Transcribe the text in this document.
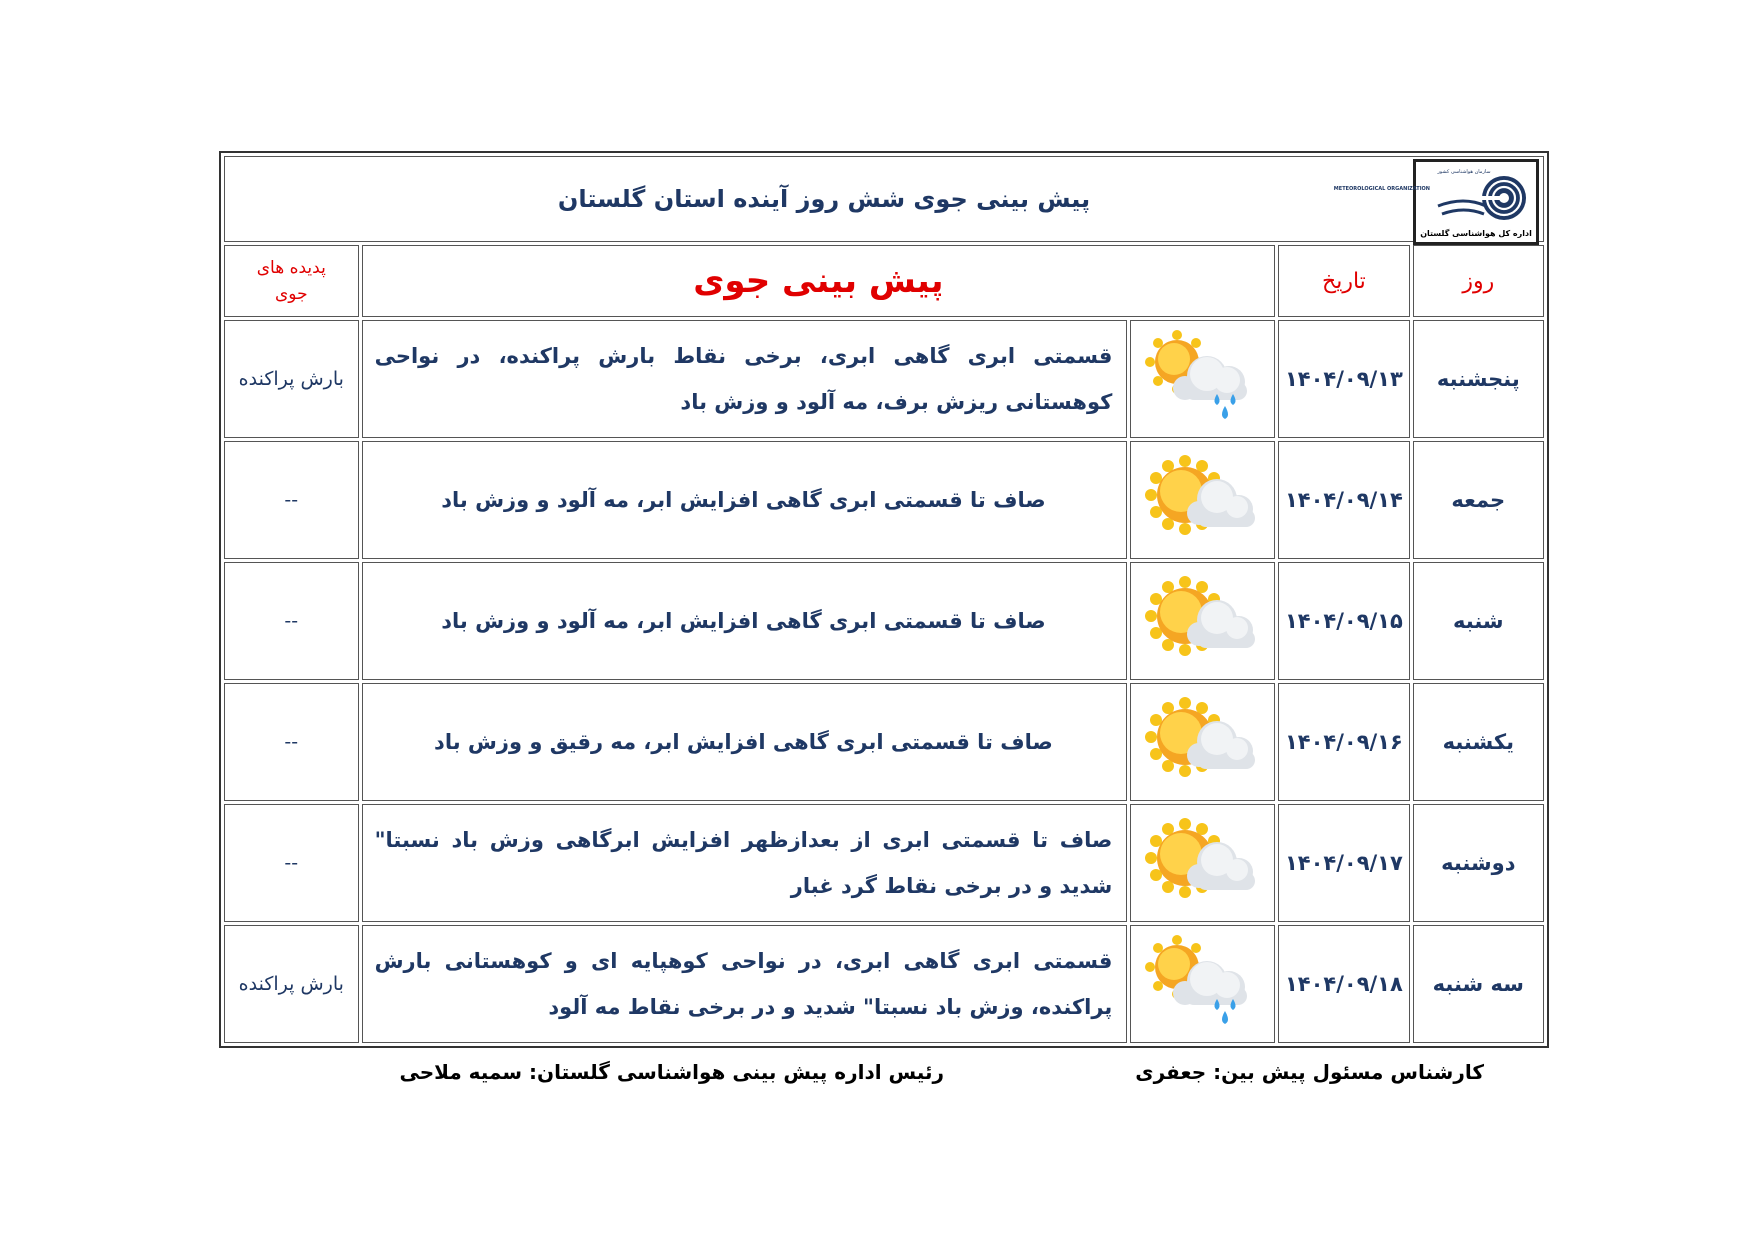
سازمان هواشناسی کشور
METEOROLOGICAL ORGANIZATION
اداره کل هواشناسی گلستان
پیش بینی جوی شش روز آینده استان گلستان				

روز	تاریخ	پیش بینی جوی		پدیده های
جوی

پنجشنبه	۱۴۰۴/۰۹/۱۳		قسمتی ابری گاهی ابری، برخی نقاط بارش پراکنده، در نواحی کوهستانی ریزش برف، مه آلود و وزش باد	بارش پراکنده
جمعه	۱۴۰۴/۰۹/۱۴		صاف تا قسمتی ابری گاهی افزایش ابر، مه آلود و وزش باد	--
شنبه	۱۴۰۴/۰۹/۱۵		صاف تا قسمتی ابری گاهی افزایش ابر، مه آلود و وزش باد	--
یکشنبه	۱۴۰۴/۰۹/۱۶		صاف تا قسمتی ابری گاهی افزایش ابر، مه رقیق و وزش باد	--
دوشنبه	۱۴۰۴/۰۹/۱۷		صاف تا قسمتی ابری از بعدازظهر افزایش ابرگاهی وزش باد نسبتا" شدید و در برخی نقاط گرد غبار	--
سه شنبه	۱۴۰۴/۰۹/۱۸		قسمتی ابری گاهی ابری، در نواحی کوهپایه ای و کوهستانی بارش پراکنده، وزش باد نسبتا" شدید و در برخی نقاط مه آلود	بارش پراکنده
کارشناس مسئول پیش بین: جعفری
رئیس اداره پیش بینی هواشناسی گلستان: سمیه ملاحی
